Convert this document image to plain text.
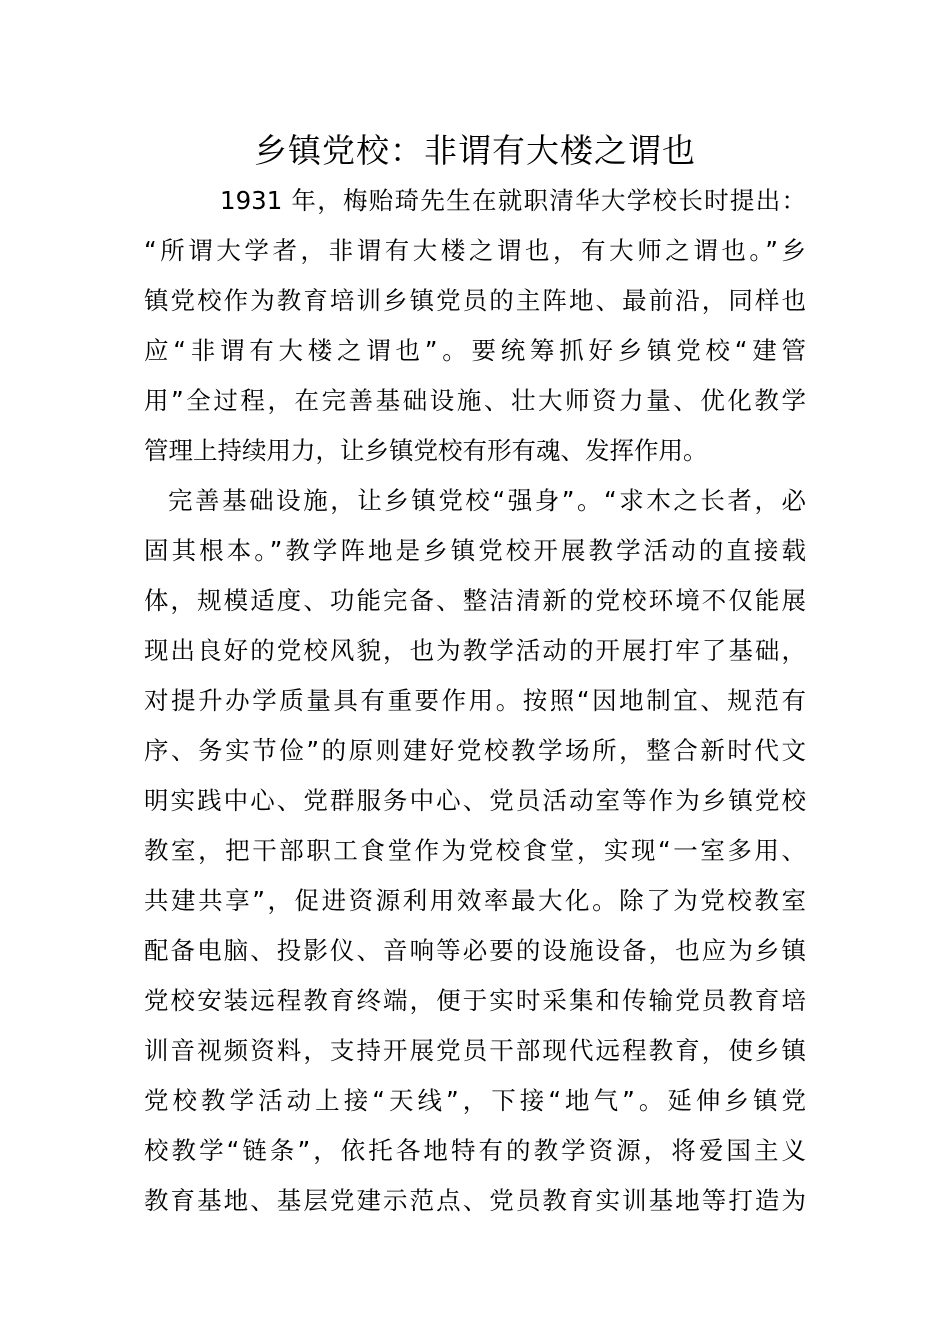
乡镇党校：非谓有大楼之谓也
1931 年，梅贻琦先生在就职清华大学校长时提出：
“所谓大学者，非谓有大楼之谓也，有大师之谓也。”乡
镇党校作为教育培训乡镇党员的主阵地、最前沿，同样也
应“非谓有大楼之谓也”。要统筹抓好乡镇党校“建管
用”全过程，在完善基础设施、壮大师资力量、优化教学
管理上持续用力，让乡镇党校有形有魂、发挥作用。
完善基础设施，让乡镇党校“强身”。“求木之长者，必
固其根本。”教学阵地是乡镇党校开展教学活动的直接载
体，规模适度、功能完备、整洁清新的党校环境不仅能展
现出良好的党校风貌，也为教学活动的开展打牢了基础，
对提升办学质量具有重要作用。按照“因地制宜、规范有
序、务实节俭”的原则建好党校教学场所，整合新时代文
明实践中心、党群服务中心、党员活动室等作为乡镇党校
教室，把干部职工食堂作为党校食堂，实现“一室多用、
共建共享”，促进资源利用效率最大化。除了为党校教室
配备电脑、投影仪、音响等必要的设施设备，也应为乡镇
党校安装远程教育终端，便于实时采集和传输党员教育培
训音视频资料，支持开展党员干部现代远程教育，使乡镇
党校教学活动上接“天线”，下接“地气”。延伸乡镇党
校教学“链条”，依托各地特有的教学资源，将爱国主义
教育基地、基层党建示范点、党员教育实训基地等打造为
